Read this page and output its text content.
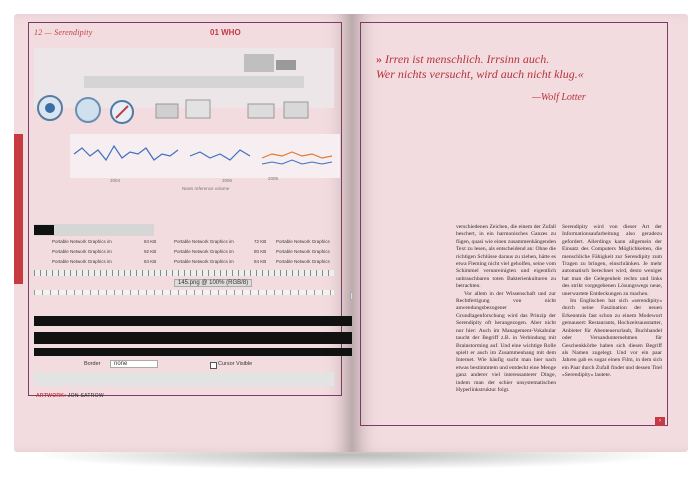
12 — Serendipity	01 WHO
2004	2006	2005
News reference volume
Portable Network Graphics im	84 KB	Portable Network Graphics im	72 KB Portable Network Graphics
Portable Network Graphics im	92 KB	Portable Network Graphics im	80 KB Portable Network Graphics
Portable Network Graphics im	84 KB	Portable Network Graphics im	84 KB Portable Network Graphics
145.png @ 100% (RGB/8)
Border	none	Cursor Visible
ARTWORK: JON SATROW
» Irren ist menschlich. Irrsinn auch.
Wer nichts versucht, wird auch nicht klug.«
—Wolf Lotter

verschiedenen Zeichen, die einem der Zufall beschert, in ein harmonisches Ganzes zu fügen, quasi wie einen zusammenhängenden Text zu lesen, als entscheidend an: Ohne die richtigen Schlüsse daraus zu ziehen, hätte es etwa Fleming nicht viel geholfen, seine vom Schimmel verunreinigten und eigentlich unbrauchbaren toten Bakterienkulturen zu betrachten.

Vor allem in der Wissenschaft und zur Rechtfertigung von nicht anwendungsbezogener Grundlagenforschung wird das Prinzip der Serendipity oft herangezogen. Aber nicht nur hier: Auch im Management-Vokabular taucht der Begriff z.B. in Verbindung mit Brainstorming auf. Und eine wichtige Rolle spielt er auch im Zusammenhang mit dem Internet. Wie häufig sucht man hier nach etwas bestimmtem und entdeckt eine Menge ganz anderer viel interessanterer Dinge, indem man der schier unsystematischen Hyperlinkstruktur folgt.

Serendipity wird von dieser Art der Informationsaufarbeitung also geradezu gefordert. Allerdings kann allgemein der Einsatz des Computers Möglichkeiten, die menschliche Fähigkeit zur Serendipity zum Tragen zu bringen, einschränken. Je mehr automatisch berechnet wird, desto weniger hat man die Gelegenheit rechts und links des strikt vorgegebenen Lösungswegs neue, unerwartete Entdeckungen zu machen.

Im Englischen hat sich »serendipity« durch seine Faszination der neuen Erkenntnis fast schon zu einem Modewort gemausert: Restaurants, Hochzeitsausstatter, Anbieter für Abenteuerurlaub, Buchhandel oder Versandunternehmen für Geschenkkörbe haben sich diesen Begriff als Namen zugelegt. Und vor ein paar Jahren gab es sogar einen Film, in dem sich ein Paar durch Zufall findet und dessen Titel »Serendipity« lautete.

›
